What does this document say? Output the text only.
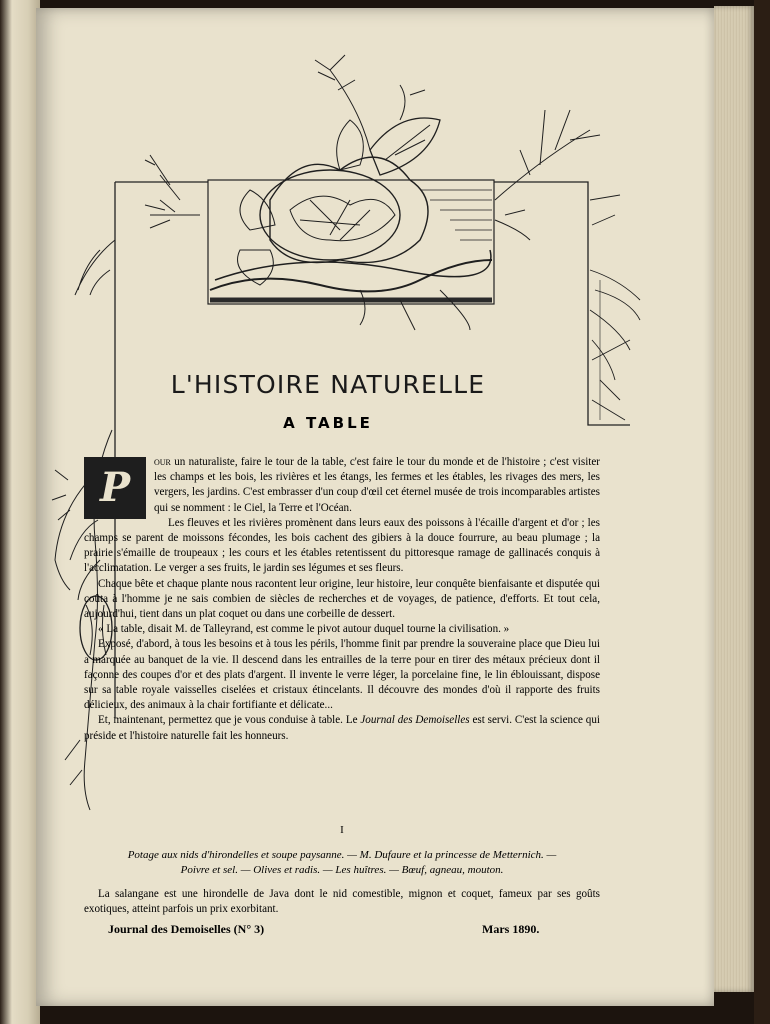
L'HISTOIRE NATURELLE
A TABLE
P

our un naturaliste, faire le tour de la table, c'est faire le tour du monde et de l'histoire ; c'est visiter les champs et les bois, les rivières et les étangs, les fermes et les étables, les rivages des mers, les vergers, les jardins. C'est embrasser d'un coup d'œil cet éternel musée de trois incomparables artistes qui se nomment : le Ciel, la Terre et l'Océan.

Les fleuves et les rivières promènent dans leurs eaux des poissons à l'écaille d'argent et d'or ; les champs se parent de moissons fécondes, les bois cachent des gibiers à la douce fourrure, au beau plumage ; la prairie s'émaille de troupeaux ; les cours et les étables retentissent du pittoresque ramage de gallinacés conquis à l'acclimatation. Le verger a ses fruits, le jardin ses légumes et ses fleurs.

Chaque bête et chaque plante nous racontent leur origine, leur histoire, leur conquête bienfaisante et disputée qui coûta à l'homme je ne sais combien de siècles de recherches et de voyages, de patience, d'efforts. Et tout cela, aujourd'hui, tient dans un plat coquet ou dans une corbeille de dessert.

« La table, disait M. de Talleyrand, est comme le pivot autour duquel tourne la civilisation. »

Exposé, d'abord, à tous les besoins et à tous les périls, l'homme finit par prendre la souveraine place que Dieu lui a marquée au banquet de la vie. Il descend dans les entrailles de la terre pour en tirer des métaux précieux dont il façonne des coupes d'or et des plats d'argent. Il invente le verre léger, la porcelaine fine, le lin éblouissant, dispose sur sa table royale vaisselles ciselées et cristaux étincelants. Il découvre des mondes d'où il rapporte des fruits délicieux, des animaux à la chair fortifiante et délicate...

Et, maintenant, permettez que je vous conduise à table. Le Journal des Demoiselles est servi. C'est la science qui préside et l'histoire naturelle fait les honneurs.

I
Potage aux nids d'hirondelles et soupe paysanne. — M. Dufaure et la princesse de Metternich. —
Poivre et sel. — Olives et radis. — Les huîtres. — Bœuf, agneau, mouton.

La salangane est une hirondelle de Java dont le nid comestible, mignon et coquet, fameux par ses goûts exotiques, atteint parfois un prix exorbitant.

Journal des Demoiselles (N° 3)	Mars 1890.
